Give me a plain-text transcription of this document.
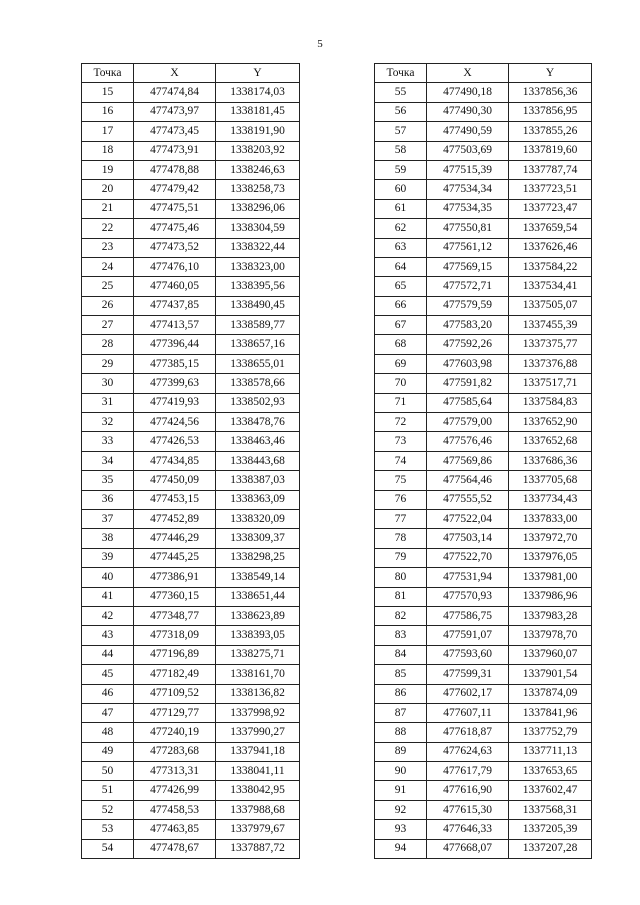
5
Точка	X	Y
15	477474,84	1338174,03
16	477473,97	1338181,45
17	477473,45	1338191,90
18	477473,91	1338203,92
19	477478,88	1338246,63
20	477479,42	1338258,73
21	477475,51	1338296,06
22	477475,46	1338304,59
23	477473,52	1338322,44
24	477476,10	1338323,00
25	477460,05	1338395,56
26	477437,85	1338490,45
27	477413,57	1338589,77
28	477396,44	1338657,16
29	477385,15	1338655,01
30	477399,63	1338578,66
31	477419,93	1338502,93
32	477424,56	1338478,76
33	477426,53	1338463,46
34	477434,85	1338443,68
35	477450,09	1338387,03
36	477453,15	1338363,09
37	477452,89	1338320,09
38	477446,29	1338309,37
39	477445,25	1338298,25
40	477386,91	1338549,14
41	477360,15	1338651,44
42	477348,77	1338623,89
43	477318,09	1338393,05
44	477196,89	1338275,71
45	477182,49	1338161,70
46	477109,52	1338136,82
47	477129,77	1337998,92
48	477240,19	1337990,27
49	477283,68	1337941,18
50	477313,31	1338041,11
51	477426,99	1338042,95
52	477458,53	1337988,68
53	477463,85	1337979,67
54	477478,67	1337887,72
Точка	X	Y
55	477490,18	1337856,36
56	477490,30	1337856,95
57	477490,59	1337855,26
58	477503,69	1337819,60
59	477515,39	1337787,74
60	477534,34	1337723,51
61	477534,35	1337723,47
62	477550,81	1337659,54
63	477561,12	1337626,46
64	477569,15	1337584,22
65	477572,71	1337534,41
66	477579,59	1337505,07
67	477583,20	1337455,39
68	477592,26	1337375,77
69	477603,98	1337376,88
70	477591,82	1337517,71
71	477585,64	1337584,83
72	477579,00	1337652,90
73	477576,46	1337652,68
74	477569,86	1337686,36
75	477564,46	1337705,68
76	477555,52	1337734,43
77	477522,04	1337833,00
78	477503,14	1337972,70
79	477522,70	1337976,05
80	477531,94	1337981,00
81	477570,93	1337986,96
82	477586,75	1337983,28
83	477591,07	1337978,70
84	477593,60	1337960,07
85	477599,31	1337901,54
86	477602,17	1337874,09
87	477607,11	1337841,96
88	477618,87	1337752,79
89	477624,63	1337711,13
90	477617,79	1337653,65
91	477616,90	1337602,47
92	477615,30	1337568,31
93	477646,33	1337205,39
94	477668,07	1337207,28
